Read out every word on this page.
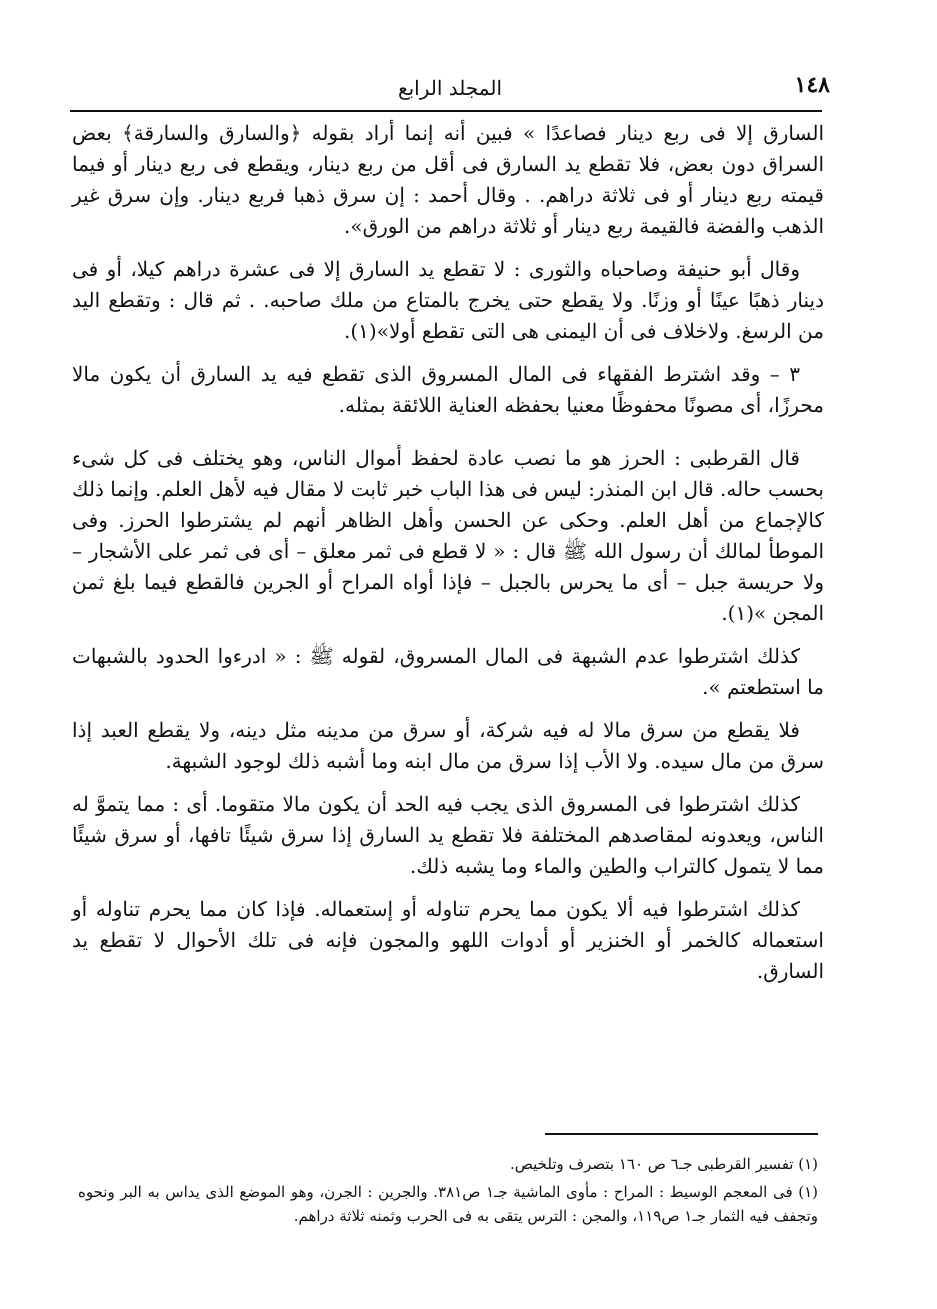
١٤٨
المجلد الرابع

السارق إلا فى ربع دينار فصاعدًا » فبين أنه إنما أراد بقوله ﴿والسارق والسارقة﴾ بعض السراق دون بعض، فلا تقطع يد السارق فى أقل من ربع دينار، ويقطع فى ربع دينار أو فيما قيمته ربع دينار أو فى ثلاثة دراهم. . وقال أحمد : إن سرق ذهبا فربع دينار. وإن سرق غير الذهب والفضة فالقيمة ربع دينار أو ثلاثة دراهم من الورق».

وقال أبو حنيفة وصاحباه والثورى : لا تقطع يد السارق إلا فى عشرة دراهم كيلا، أو فى دينار ذهبًا عينًا أو وزنًا. ولا يقطع حتى يخرج بالمتاع من ملك صاحبه. . ثم قال : وتقطع اليد من الرسغ. ولاخلاف فى أن اليمنى هى التى تقطع أولا»(١).

٣ – وقد اشترط الفقهاء فى المال المسروق الذى تقطع فيه يد السارق أن يكون مالا محرزًا، أى مصونًا محفوظًا معنيا بحفظه العناية اللائقة بمثله.

قال القرطبى : الحرز هو ما نصب عادة لحفظ أموال الناس، وهو يختلف فى كل شىء بحسب حاله. قال ابن المنذر: ليس فى هذا الباب خبر ثابت لا مقال فيه لأهل العلم. وإنما ذلك كالإجماع من أهل العلم. وحكى عن الحسن وأهل الظاهر أنهم لم يشترطوا الحرز. وفى الموطأ لمالك أن رسول الله ﷺ قال : « لا قطع فى ثمر معلق – أى فى ثمر على الأشجار – ولا حريسة جبل – أى ما يحرس بالجبل – فإذا أواه المراح أو الجرين فالقطع فيما بلغ ثمن المجن »(١).

كذلك اشترطوا عدم الشبهة فى المال المسروق، لقوله ﷺ : « ادرءوا الحدود بالشبهات ما استطعتم ».

فلا يقطع من سرق مالا له فيه شركة، أو سرق من مدينه مثل دينه، ولا يقطع العبد إذا سرق من مال سيده. ولا الأب إذا سرق من مال ابنه وما أشبه ذلك لوجود الشبهة.

كذلك اشترطوا فى المسروق الذى يجب فيه الحد أن يكون مالا متقوما. أى : مما يتموَّ له الناس، ويعدونه لمقاصدهم المختلفة فلا تقطع يد السارق إذا سرق شيئًا تافها، أو سرق شيئًا مما لا يتمول كالتراب والطين والماء وما يشبه ذلك.

كذلك اشترطوا فيه ألا يكون مما يحرم تناوله أو إستعماله. فإذا كان مما يحرم تناوله أو استعماله كالخمر أو الخنزير أو أدوات اللهو والمجون فإنه فى تلك الأحوال لا تقطع يد السارق.

(١) تفسير القرطبى جـ٦ ص ١٦٠ بتصرف وتلخيص.

(١) فى المعجم الوسيط : المراح : مأوى الماشية جـ١ ص٣٨١. والجرين : الجرن، وهو الموضع الذى يداس به البر ونحوه وتجفف فيه الثمار جـ١ ص١١٩، والمجن : الترس يتقى به فى الحرب وثمنه ثلاثة دراهم.
